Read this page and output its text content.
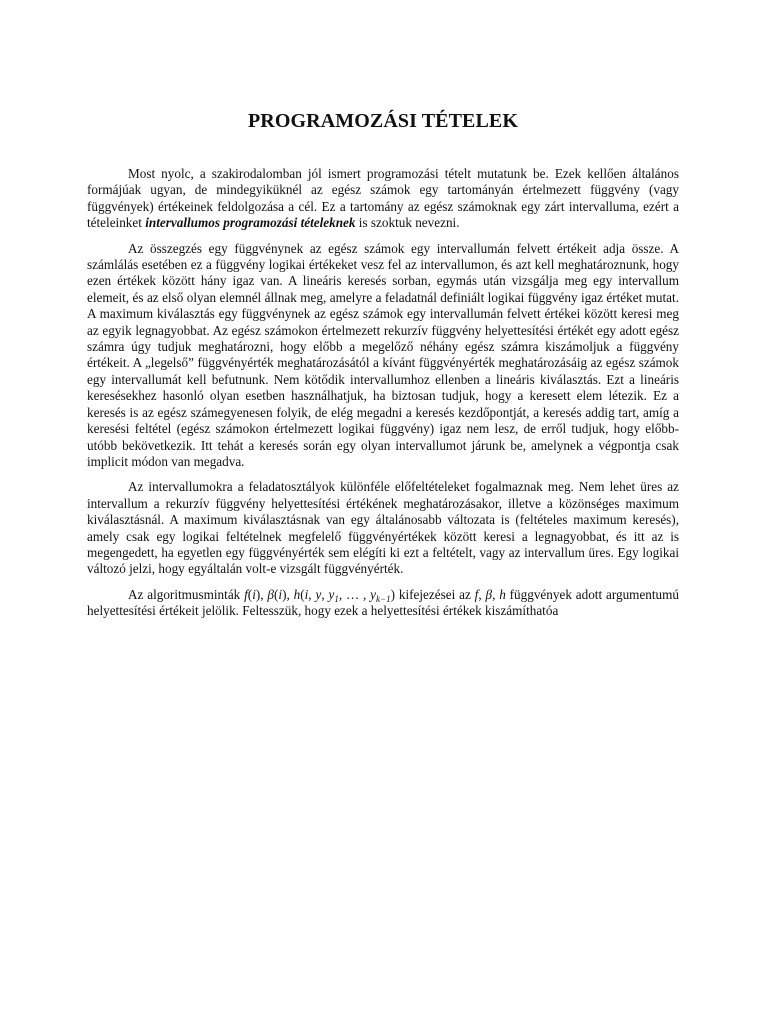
PROGRAMOZÁSI TÉTELEK

Most nyolc, a szakirodalomban jól ismert programozási tételt mutatunk be. Ezek kellően általános formájúak ugyan, de mindegyiküknél az egész számok egy tartományán értelmezett függvény (vagy függvények) értékeinek feldolgozása a cél. Ez a tartomány az egész számoknak egy zárt intervalluma, ezért a tételeinket intervallumos programozási tételeknek is szoktuk nevezni.

Az összegzés egy függvénynek az egész számok egy intervallumán felvett értékeit adja össze. A számlálás esetében ez a függvény logikai értékeket vesz fel az intervallumon, és azt kell meghatároznunk, hogy ezen értékek között hány igaz van. A lineáris keresés sorban, egymás után vizsgálja meg egy intervallum elemeit, és az első olyan elemnél állnak meg, amelyre a feladatnál definiált logikai függvény igaz értéket mutat. A maximum kiválasztás egy függvénynek az egész számok egy intervallumán felvett értékei között keresi meg az egyik legnagyobbat. Az egész számokon értelmezett rekurzív függvény helyettesítési értékét egy adott egész számra úgy tudjuk meghatározni, hogy előbb a megelőző néhány egész számra kiszámoljuk a függvény értékeit. A „legelső” függvényérték meghatározásától a kívánt függvényérték meghatározásáig az egész számok egy intervallumát kell befutnunk. Nem kötődik intervallumhoz ellenben a lineáris kiválasztás. Ezt a lineáris keresésekhez hasonló olyan esetben használhatjuk, ha biztosan tudjuk, hogy a keresett elem létezik. Ez a keresés is az egész számegyenesen folyik, de elég megadni a keresés kezdőpontját, a keresés addig tart, amíg a keresési feltétel (egész számokon értelmezett logikai függvény) igaz nem lesz, de erről tudjuk, hogy előbb-utóbb bekövetkezik. Itt tehát a keresés során egy olyan intervallumot járunk be, amelynek a végpontja csak implicit módon van megadva.

Az intervallumokra a feladatosztályok különféle előfeltételeket fogalmaznak meg. Nem lehet üres az intervallum a rekurzív függvény helyettesítési értékének meghatározásakor, illetve a közönséges maximum kiválasztásnál. A maximum kiválasztásnak van egy általánosabb változata is (feltételes maximum keresés), amely csak egy logikai feltételnek megfelelő függvényértékek között keresi a legnagyobbat, és itt az is megengedett, ha egyetlen egy függvényérték sem elégíti ki ezt a feltételt, vagy az intervallum üres. Egy logikai változó jelzi, hogy egyáltalán volt-e vizsgált függvényérték.

Az algoritmusminták f(i), β(i), h(i, y, $y_1$, … , $y_{k-1}$) kifejezései az f, β, h függvények adott argumentumú helyettesítési értékeit jelölik. Feltesszük, hogy ezek a helyettesítési értékek kiszámíthatóa
